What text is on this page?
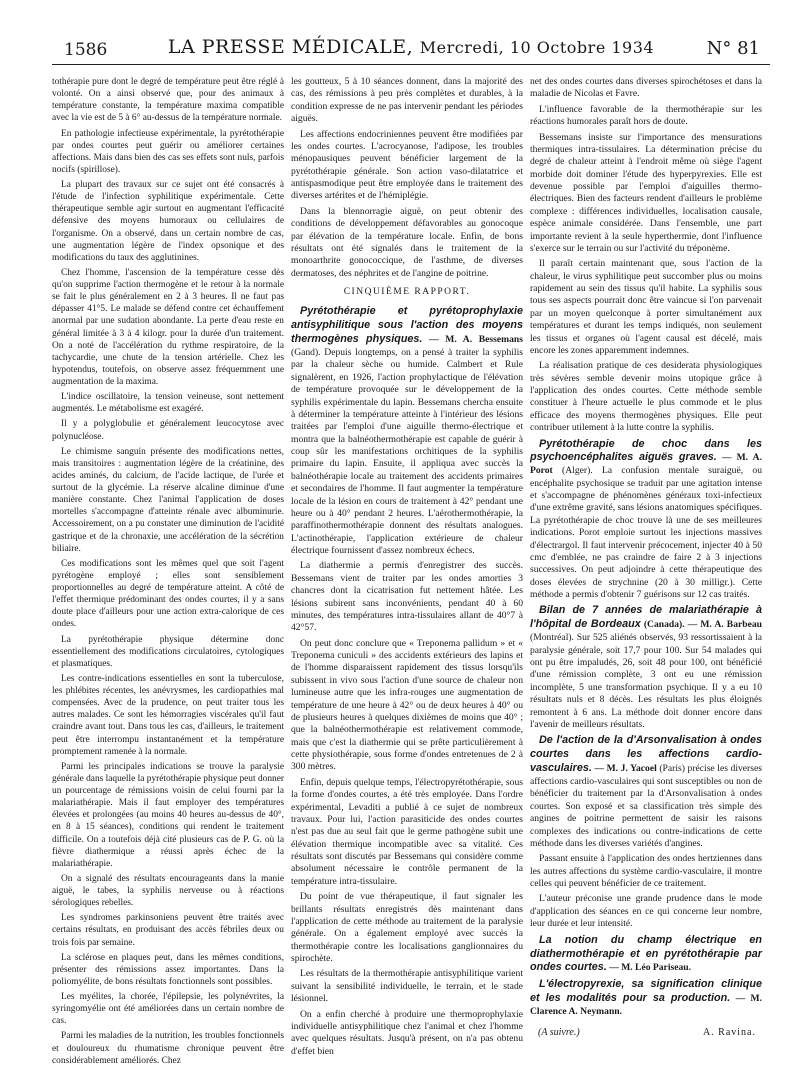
1586	LA PRESSE MÉDICALE, Mercredi, 10 Octobre 1934	N° 81

tothérapie pure dont le degré de température peut être réglé à volonté. On a ainsi observé que, pour des animaux à température constante, la température maxima compatible avec la vie est de 5 à 6° au-dessus de la température normale.

En pathologie infectieuse expérimentale, la pyrétothérapie par ondes courtes peut guérir ou améliorer certaines affections. Mais dans bien des cas ses effets sont nuls, parfois nocifs (spirillose).

La plupart des travaux sur ce sujet ont été consacrés à l'étude de l'infection syphilitique expérimentale. Cette thérapeutique semble agir surtout en augmentant l'efficacité défensive des moyens humoraux ou cellulaires de l'organisme. On a observé, dans un certain nombre de cas, une augmentation légère de l'index opsonique et des modifications du taux des agglutinines.

Chez l'homme, l'ascension de la température cesse dès qu'on supprime l'action thermogène et le retour à la normale se fait le plus généralement en 2 à 3 heures. Il ne faut pas dépasser 41°5. Le malade se défend contre cet échauffement anormal par une sudation abondante. La perte d'eau reste en général limitée à 3 à 4 kilogr. pour la durée d'un traitement. On a noté de l'accélération du rythme respiratoire, de la tachycardie, une chute de la tension artérielle. Chez les hypotendus, toutefois, on observe assez fréquemment une augmentation de la maxima.

L'indice oscillatoire, la tension veineuse, sont nettement augmentés. Le métabolisme est exagéré.

Il y a polyglobulie et généralement leucocytose avec polynucléose.

Le chimisme sanguin présente des modifications nettes, mais transitoires : augmentation légère de la créatinine, des acides aminés, du calcium, de l'acide lactique, de l'urée et surtout de la glycémie. La réserve alcaline diminue d'une manière constante. Chez l'animal l'application de doses mortelles s'accompagne d'atteinte rénale avec albuminurie. Accessoirement, on a pu constater une diminution de l'acidité gastrique et de la chronaxie, une accélération de la sécrétion biliaire.

Ces modifications sont les mêmes quel que soit l'agent pyrétogène employé ; elles sont sensiblement proportionnelles au degré de température atteint. A côté de l'effet thermique prédominant des ondes courtes, il y a sans doute place d'ailleurs pour une action extra-calorique de ces ondes.

La pyrétothérapie physique détermine donc essentiellement des modifications circulatoires, cytologiques et plasmatiques.

Les contre-indications essentielles en sont la tuberculose, les phlébites récentes, les anévrysmes, les cardiopathies mal compensées. Avec de la prudence, on peut traiter tous les autres malades. Ce sont les hémorragies viscérales qu'il faut craindre avant tout. Dans tous les cas, d'ailleurs, le traitement peut être interrompu instantanément et la température promptement ramenée à la normale.

Parmi les principales indications se trouve la paralysie générale dans laquelle la pyrétothérapie physique peut donner un pourcentage de rémissions voisin de celui fourni par la malariathérapie. Mais il faut employer des températures élevées et prolongées (au moins 40 heures au-dessus de 40°, en 8 à 15 séances), conditions qui rendent le traitement difficile. On a toutefois déjà cité plusieurs cas de P. G. où la fièvre diathermique a réussi après échec de la malariathérapie.

On a signalé des résultats encourageants dans la manie aiguë, le tabes, la syphilis nerveuse ou à réactions sérologiques rebelles.

Les syndromes parkinsoniens peuvent être traités avec certains résultats, en produisant des accès fébriles deux ou trois fois par semaine.

La sclérose en plaques peut, dans les mêmes conditions, présenter des rémissions assez importantes. Dans la poliomyélite, de bons résultats fonctionnels sont possibles.

Les myélites, la chorée, l'épilepsie, les polynévrites, la syringomyélie ont été améliorées dans un certain nombre de cas.

Parmi les maladies de la nutrition, les troubles fonctionnels et douloureux du rhumatisme chronique peuvent être considérablement améliorés. Chez

les goutteux, 5 à 10 séances donnent, dans la majorité des cas, des rémissions à peu près complètes et durables, à la condition expresse de ne pas intervenir pendant les périodes aiguës.

Les affections endocriniennes peuvent être modifiées par les ondes courtes. L'acrocyanose, l'adipose, les troubles ménopausiques peuvent bénéficier largement de la pyrétothérapie générale. Son action vaso-dilatatrice et antispasmodique peut être employée dans le traitement des diverses artérites et de l'hémiplégie.

Dans la blennorragie aiguë, on peut obtenir des conditions de développement défavorables au gonocoque par élévation de la température locale. Enfin, de bons résultats ont été signalés dans le traitement de la monoarthrite gonococcique, de l'asthme, de diverses dermatoses, des néphrites et de l'angine de poitrine.

CINQUIÈME RAPPORT.

Pyrétothérapie et pyrétoprophylaxie antisyphilitique sous l'action des moyens thermogènes physiques. — M. A. Bessemans (Gand). Depuis longtemps, on a pensé à traiter la syphilis par la chaleur sèche ou humide. Calmbert et Rule signalèrent, en 1926, l'action prophylactique de l'élévation de température provoquée sur le développement de la syphilis expérimentale du lapin. Bessemans chercha ensuite à déterminer la température atteinte à l'intérieur des lésions traitées par l'emploi d'une aiguille thermo-électrique et montra que la balnéothermothérapie est capable de guérir à coup sûr les manifestations orchitiques de la syphilis primaire du lapin. Ensuite, il appliqua avec succès la balnéothérapie locale au traitement des accidents primaires et secondaires de l'homme. Il faut augmenter la température locale de la lésion en cours de traitement à 42° pendant une heure ou à 40° pendant 2 heures. L'aérothermothérapie, la paraffinothermothérapie donnent des résultats analogues. L'actinothérapie, l'application extérieure de chaleur électrique fournissent d'assez nombreux échecs.

La diathermie a permis d'enregistrer des succès. Bessemans vient de traiter par les ondes amorties 3 chancres dont la cicatrisation fut nettement hâtée. Les lésions subirent sans inconvénients, pendant 40 à 60 minutes, des températures intra-tissulaires allant de 40°7 à 42°57.

On peut donc conclure que « Treponema pallidum » et « Treponema cuniculi » des accidents extérieurs des lapins et de l'homme disparaissent rapidement des tissus lorsqu'ils subissent in vivo sous l'action d'une source de chaleur non lumineuse autre que les infra-rouges une augmentation de température de une heure à 42° ou de deux heures à 40° ou de plusieurs heures à quelques dixièmes de moins que 40° ; que la balnéothermothérapie est relativement commode, mais que c'est la diathermie qui se prête particulièrement à cette physiothérapie, sous forme d'ondes entretenues de 2 à 300 mètres.

Enfin, depuis quelque temps, l'électropyrétothérapie, sous la forme d'ondes courtes, a été très employée. Dans l'ordre expérimental, Levaditi a publié à ce sujet de nombreux travaux. Pour lui, l'action parasiticide des ondes courtes n'est pas due au seul fait que le germe pathogène subit une élévation thermique incompatible avec sa vitalité. Ces résultats sont discutés par Bessemans qui considère comme absolument nécessaire le contrôle permanent de la température intra-tissulaire.

Du point de vue thérapeutique, il faut signaler les brillants résultats enregistrés dès maintenant dans l'application de cette méthode au traitement de la paralysie générale. On a également employé avec succès la thermothérapie contre les localisations ganglionnaires du spirochète.

Les résultats de la thermothérapie antisyphilitique varient suivant la sensibilité individuelle, le terrain, et le stade lésionnel.

On a enfin cherché à produire une thermoprophylaxie individuelle antisyphilitique chez l'animal et chez l'homme avec quelques résultats. Jusqu'à présent, on n'a pas obtenu d'effet bien

net des ondes courtes dans diverses spirochétoses et dans la maladie de Nicolas et Favre.

L'influence favorable de la thermothérapie sur les réactions humorales paraît hors de doute.

Bessemans insiste sur l'importance des mensurations thermiques intra-tissulaires. La détermination précise du degré de chaleur atteint à l'endroit même où siège l'agent morbide doit dominer l'étude des hyperpyrexies. Elle est devenue possible par l'emploi d'aiguilles thermo-électriques. Bien des facteurs rendent d'ailleurs le problème complexe : différences individuelles, localisation causale, espèce animale considérée. Dans l'ensemble, une part importante revient à la seule hyperthermie, dont l'influence s'exerce sur le terrain ou sur l'activité du tréponème.

Il paraît certain maintenant que, sous l'action de la chaleur, le virus syphilitique peut succomber plus ou moins rapidement au sein des tissus qu'il habite. La syphilis sous tous ses aspects pourrait donc être vaincue si l'on parvenait par un moyen quelconque à porter simultanément aux températures et durant les temps indiqués, non seulement les tissus et organes où l'agent causal est décelé, mais encore les zones apparemment indemnes.

La réalisation pratique de ces desiderata physiologiques très sévères semble devenir moins utopique grâce à l'application des ondes courtes. Cette méthode semble constituer à l'heure actuelle le plus commode et le plus efficace des moyens thermogènes physiques. Elle peut contribuer utilement à la lutte contre la syphilis.

Pyrétothérapie de choc dans les psychoencéphalites aiguës graves. — M. A. Porot (Alger). La confusion mentale suraiguë, ou encéphalite psychosique se traduit par une agitation intense et s'accompagne de phénomènes généraux toxi-infectieux d'une extrême gravité, sans lésions anatomiques spécifiques. La pyrétothérapie de choc trouve là une de ses meilleures indications. Porot emploie surtout les injections massives d'électrargol. Il faut intervenir précocement, injecter 40 à 50 cmc d'emblée, ne pas craindre de faire 2 à 3 injections successives. On peut adjoindre à cette thérapeutique des doses élevées de strychnine (20 à 30 milligr.). Cette méthode a permis d'obtenir 7 guérisons sur 12 cas traités.

Bilan de 7 années de malariathérapie à l'hôpital de Bordeaux (Canada). — M. A. Barbeau (Montréal). Sur 525 aliénés observés, 93 ressortissaient à la paralysie générale, soit 17,7 pour 100. Sur 54 malades qui ont pu être impaludés, 26, soit 48 pour 100, ont bénéficié d'une rémission complète, 3 ont eu une rémission incomplète, 5 une transformation psychique. Il y a eu 10 résultats nuls et 8 décès. Les résultats les plus éloignés remontent à 6 ans. La méthode doit donner encore dans l'avenir de meilleurs résultats.

De l'action de la d'Arsonvalisation à ondes courtes dans les affections cardio-vasculaires. — M. J. Yacoel (Paris) précise les diverses affections cardio-vasculaires qui sont susceptibles ou non de bénéficier du traitement par la d'Arsonvalisation à ondes courtes. Son exposé et sa classification très simple des angines de poitrine permettent de saisir les raisons complexes des indications ou contre-indications de cette méthode dans les diverses variétés d'angines.

Passant ensuite à l'application des ondes hertziennes dans les autres affections du système cardio-vasculaire, il montre celles qui peuvent bénéficier de ce traitement.

L'auteur préconise une grande prudence dans le mode d'application des séances en ce qui concerne leur nombre, leur durée et leur intensité.

La notion du champ électrique en diathermothérapie et en pyrétothérapie par ondes courtes. — M. Léo Pariseau.

L'électropyrexie, sa signification clinique et les modalités pour sa production. — M. Clarence A. Neymann.

(A suivre.)	A. Ravina.
